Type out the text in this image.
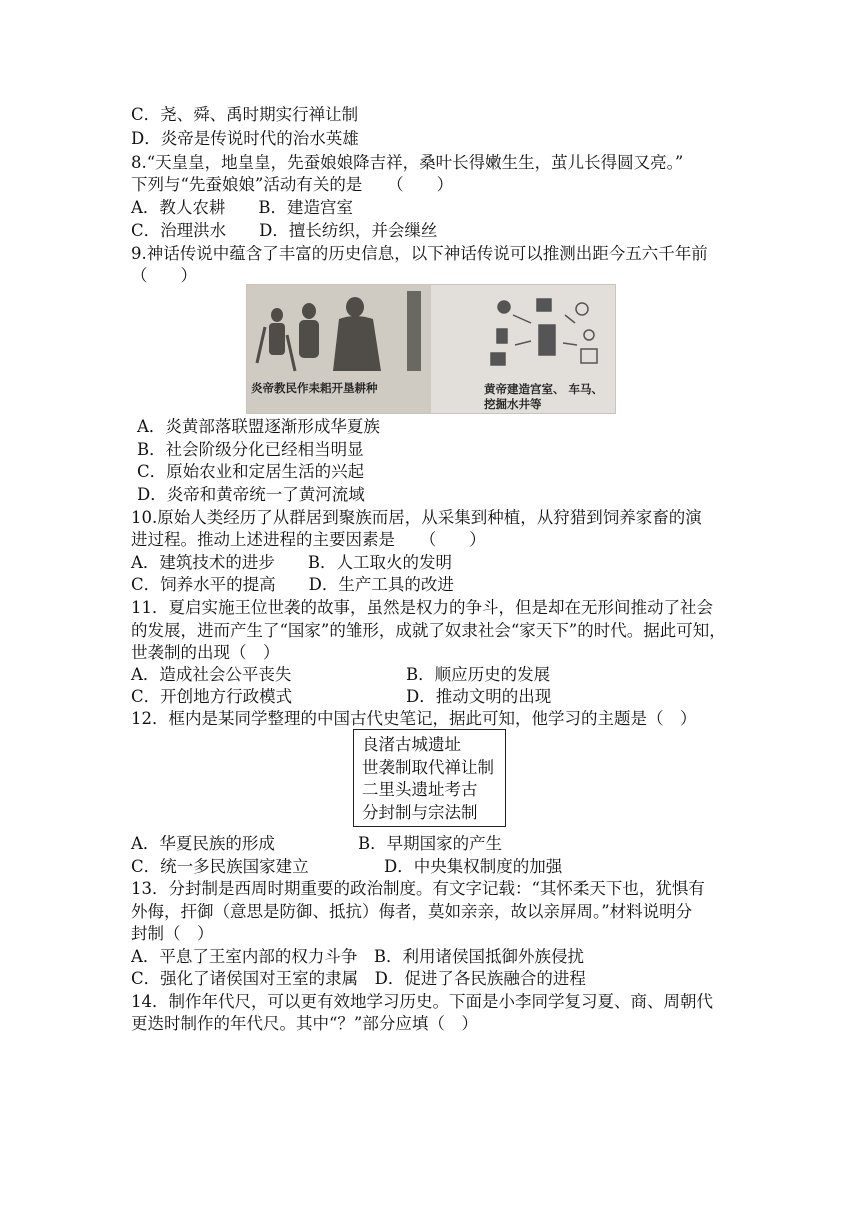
C．尧、舜、禹时期实行禅让制
D．炎帝是传说时代的治水英雄
8.“天皇皇，地皇皇，先蚕娘娘降吉祥，桑叶长得嫩生生，茧儿长得圆又亮。”
下列与“先蚕娘娘”活动有关的是　　（　　）
A．教人农耕　　B．建造宫室
C．治理洪水　　D．擅长纺织，并会缫丝
9.神话传说中蕴含了丰富的历史信息，以下神话传说可以推测出距今五六千年前
（　　）
炎帝教民作耒耜开垦耕种	黄帝建造宫室、 车马、
挖掘水井等
A．炎黄部落联盟逐渐形成华夏族
B．社会阶级分化已经相当明显
C．原始农业和定居生活的兴起
D．炎帝和黄帝统一了黄河流域
10.原始人类经历了从群居到聚族而居，从采集到种植，从狩猎到饲养家畜的演
进过程。推动上述进程的主要因素是　　（　　）
A．建筑技术的进步　　B．人工取火的发明
C．饲养水平的提高　　D．生产工具的改进
11．夏启实施王位世袭的故事，虽然是权力的争斗，但是却在无形间推动了社会
的发展，进而产生了“国家”的雏形，成就了奴隶社会“家天下”的时代。据此可知，
世袭制的出现（　）
A．造成社会公平丧失	B．顺应历史的发展
C．开创地方行政模式	D．推动文明的出现
12．框内是某同学整理的中国古代史笔记，据此可知，他学习的主题是（　）
良渚古城遗址
世袭制取代禅让制
二里头遗址考古
分封制与宗法制
A．华夏民族的形成	B．早期国家的产生
C．统一多民族国家建立	D．中央集权制度的加强
13．分封制是西周时期重要的政治制度。有文字记载：“其怀柔天下也，犹惧有
外侮，扞御（意思是防御、抵抗）侮者，莫如亲亲，故以亲屏周。”材料说明分
封制（　）
A．平息了王室内部的权力斗争　B．利用诸侯国抵御外族侵扰
C．强化了诸侯国对王室的隶属　D．促进了各民族融合的进程
14．制作年代尺，可以更有效地学习历史。下面是小李同学复习夏、商、周朝代
更迭时制作的年代尺。其中“？”部分应填（　）
